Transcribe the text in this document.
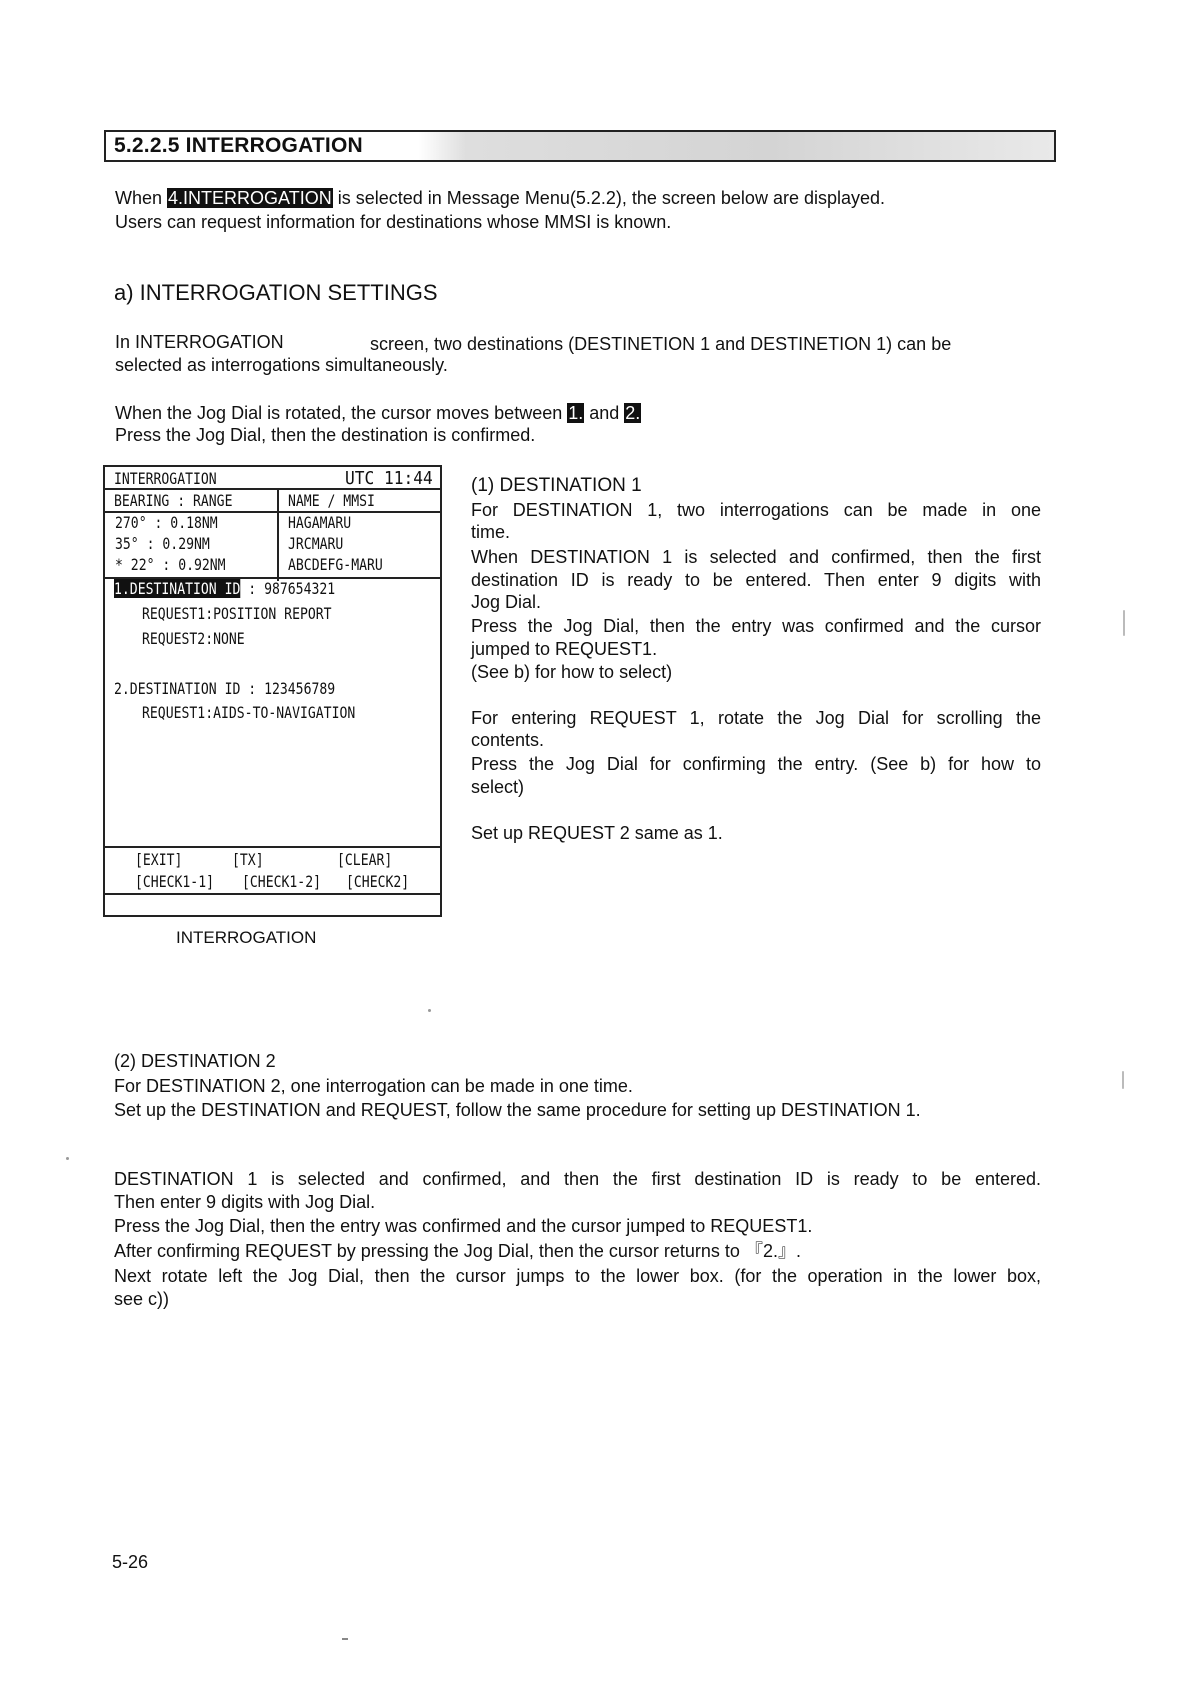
5.2.2.5 INTERROGATION
When 4.INTERROGATION is selected in Message Menu(5.2.2), the screen below are displayed.
Users can request information for destinations whose MMSI is known.
a) INTERROGATION SETTINGS
In INTERROGATION	screen, two destinations (DESTINETION 1 and DESTINETION 1) can be
selected as interrogations simultaneously.
When the Jog Dial is rotated, the cursor moves between 1. and 2.
Press the Jog Dial, then the destination is confirmed.
INTERROGATION	UTC 11:44
BEARING : RANGE	NAME / MMSI
270° : 0.18NM	HAGAMARU
35° : 0.29NM	JRCMARU
* 22° : 0.92NM	ABCDEFG-MARU
1.DESTINATION ID : 987654321
REQUEST1:POSITION REPORT
REQUEST2:NONE
2.DESTINATION ID : 123456789
REQUEST1:AIDS-TO-NAVIGATION
[EXIT]	[TX]	[CLEAR]
[CHECK1-1] [CHECK1-2] [CHECK2]
INTERROGATION
(1) DESTINATION 1
For DESTINATION 1, two interrogations can be made in one
time.
When DESTINATION 1 is selected and confirmed, then the first
destination ID is ready to be entered. Then enter 9 digits with
Jog Dial.
Press the Jog Dial, then the entry was confirmed and the cursor
jumped to REQUEST1.
(See b) for how to select)
For entering REQUEST 1, rotate the Jog Dial for scrolling the
contents.
Press the Jog Dial for confirming the entry. (See b) for how to
select)
Set up REQUEST 2 same as 1.
(2) DESTINATION 2
For DESTINATION 2, one interrogation can be made in one time.
Set up the DESTINATION and REQUEST, follow the same procedure for setting up DESTINATION 1.
DESTINATION 1 is selected and confirmed, and then the first destination ID is ready to be entered.
Then enter 9 digits with Jog Dial.
Press the Jog Dial, then the entry was confirmed and the cursor jumped to REQUEST1.
After confirming REQUEST by pressing the Jog Dial, then the cursor returns to 『2.』.
Next rotate left the Jog Dial, then the cursor jumps to the lower box. (for the operation in the lower box,
see c))
5-26
